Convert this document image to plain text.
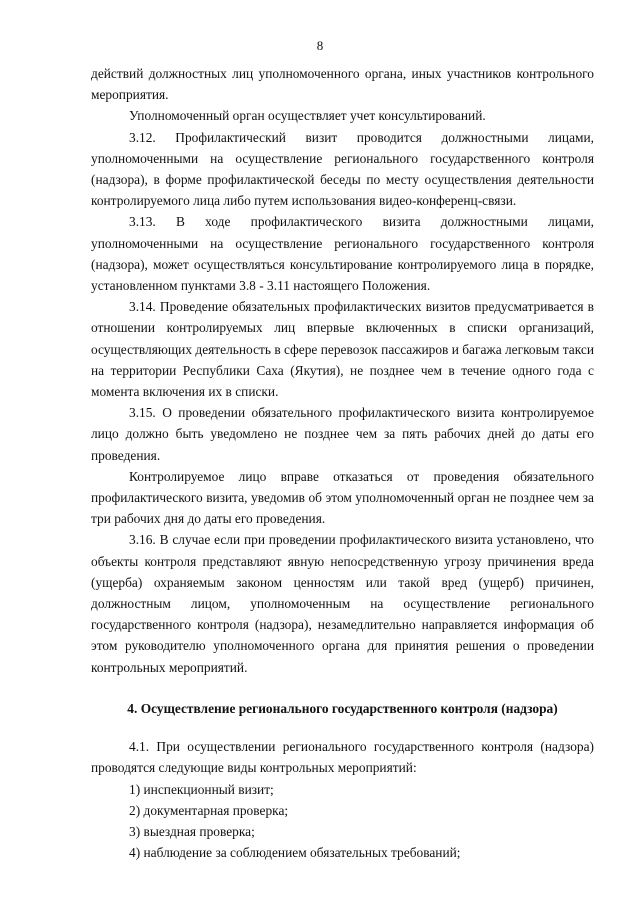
8

действий должностных лиц уполномоченного органа, иных участников контрольного мероприятия.

Уполномоченный орган осуществляет учет консультирований.

3.12. Профилактический визит проводится должностными лицами, уполномоченными на осуществление регионального государственного контроля (надзора), в форме профилактической беседы по месту осуществления деятельности контролируемого лица либо путем использования видео-конференц-связи.

3.13. В ходе профилактического визита должностными лицами, уполномоченными на осуществление регионального государственного контроля (надзора), может осуществляться консультирование контролируемого лица в порядке, установленном пунктами 3.8 - 3.11 настоящего Положения.

3.14. Проведение обязательных профилактических визитов предусматривается в отношении контролируемых лиц впервые включенных в списки организаций, осуществляющих деятельность в сфере перевозок пассажиров и багажа легковым такси на территории Республики Саха (Якутия), не позднее чем в течение одного года с момента включения их в списки.

3.15. О проведении обязательного профилактического визита контролируемое лицо должно быть уведомлено не позднее чем за пять рабочих дней до даты его проведения.

Контролируемое лицо вправе отказаться от проведения обязательного профилактического визита, уведомив об этом уполномоченный орган не позднее чем за три рабочих дня до даты его проведения.

3.16. В случае если при проведении профилактического визита установлено, что объекты контроля представляют явную непосредственную угрозу причинения вреда (ущерба) охраняемым законом ценностям или такой вред (ущерб) причинен, должностным лицом, уполномоченным на осуществление регионального государственного контроля (надзора), незамедлительно направляется информация об этом руководителю уполномоченного органа для принятия решения о проведении контрольных мероприятий.

4. Осуществление регионального государственного контроля (надзора)

4.1. При осуществлении регионального государственного контроля (надзора) проводятся следующие виды контрольных мероприятий:

1) инспекционный визит;

2) документарная проверка;

3) выездная проверка;

4) наблюдение за соблюдением обязательных требований;
